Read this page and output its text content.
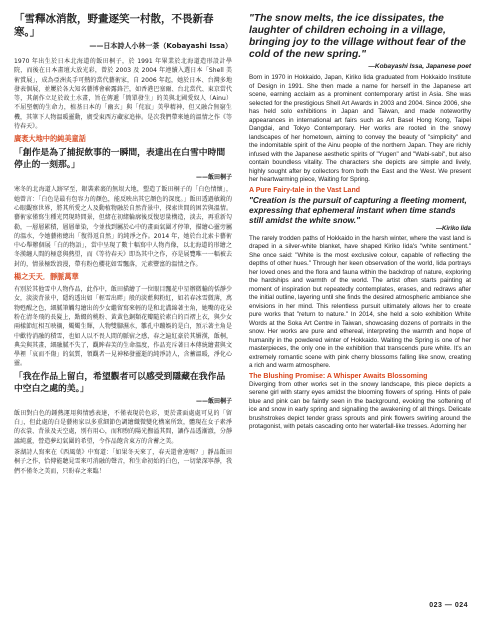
「雪釋冰消散，野畫逐笑一村散，不畏新春寒。」

——日本詩人小林一茶（Kobayashi Issa）

1970 年出生於日本北海道的飯田桐子，於 1991 年畢業於北海道造形設計學院，而後在日本畫壇大放光彩，曾於 2003 及 2004 年連續入選日本「Shell 美術賞展」，成為亞洲炙手可熱的當代藝術家，自 2006 年起，她於日本、台灣多地發表個展，並屢於各大知名藝博會嶄露鋒芒，如香港巴塞爾、台北當代、東京當代等，其創作立足於故土水畫，旨在傳遞「簡單發生」的美與北國愛奴人（Ainu）不屈堅韌的生命力，植基日本的「幽玄」與「侘寂」美學精神，但又融合無窮生機，其筆下人物溫暖靈動，廣受東西方藏家追捧。是次我們帶來她的溫情之作《等待春天》。

廣袤大地中的純美童話

「創作是為了捕捉飲事的一瞬間，表達出在白雪中時間停止的一刻那。」

——飯田桐子

寒冬的北海道人跡罕至，銀裝素裹的無垠大地，塑造了飯田桐子的「白色情懷」，她曾言：「白色是最有包容力的顏色，能反映出其它顏色的深度。」飯田透過敏銳的心眼觀察世界，將其所愛之人及動植物融於自然背景中，探索世間的困苦與溫情。藝術家僅寫生種光閃現時間景，但緒在初緒輪廓後反復思量構造，淡去，再重新勾勒，一層層累積，層層暈染，令並找到屬於心中的畫面氣圍才停筆，描繪心靈旁屬的溫水，令她藝術總出「復得返自然」的純淨之作。2014 年，她於台北索卡藝術中心舉辦個展「白的物語」，當中呈現了數十幅寫中人物肖像，以北海道的形繪之冬漢纏人間的極意與熱望，而《等待春天》即為其中之作，亦是展覽唯一一幅被去封的，情景極致浪漫，帶有粉色櫻花如雪飄落，元素豐富的溫情之作。

楊之天天．靜脈萬華

有別於其他雪中人物作品，此作中，飯田描繪了一位眼目飄花中星辦微輸的恬靜少女，淡淡背景中，隱約透出如「輕雪出畔」般的淡藍與粉紅，如若春冰雪微薄，萬物甦醒之色，細膩筆觸勾繪出的少女繼留寫來輕的是和北溝綿著主角，她嘴的花朵粉在清冬飛的長髮上，點綴的桃粉、黃黃色銅類花瓣隨於素白的百褶上衣，與少女兩樣節紅相互映襯，燭燭生輝，人物雙腳濕水，雛孔中蹦娛的是白，預示著主角是中歡待消融的積雪，也如人以不畏人間的脈宿之感，春之遍紅豪於其媚漢，飯桐，典尖與其畫，細融膩不失了，觀眸春芙的生命溫度，作品充斥著日本傳統繪畫與文學裡「哀而不傷」的氣質，領觀者一見神秘發靈逝的純淨詩人，含蓄溫暖，淨化心靈。

「我在作品上留白，希望觀者可以感受到隱藏在我作品中空白之處的美。」

——飯田桐子

飯田對白色的鍾熱運用與情感表達，不僅表現於色彩，更於畫面處處可見的「留白」，但此處的白是藝術家以多重細節色調繪織微變化構案所致，體現在女子素淨的衣裳、背景及天空處，別有用心，而和煦的陽光撫溢其間，讓作品透漸澈，分靜謐純蘆，營造夢幻氣圍的希望，令作品飽含東方的含蓄之美。

茶湖詩人寫來在《西風葉》中寫道：「如果冬天來了，春天還會遠嗎？」靜品飯田桐子之作，恰傳能聽見雪來可消融的聲音，和生命初始的白色，一切蒙深寧靜，我們不僅冬之美而，只盼春之來臨！

"The snow melts, the ice dissipates, the laughter of children echoing in a village, bringing joy to the village without fear of the cold of the new spring."

—Kobayashi Issa, Japanese poet

Born in 1970 in Hokkaido, Japan, Kiriko Iida graduated from Hokkaido Institute of Design in 1991. She then made a name for herself in the Japanese art scene, earning acclaim as a prominent contemporary artist in Asia. She was selected for the prestigious Shell Art Awards in 2003 and 2004. Since 2006, she has held solo exhibitions in Japan and Taiwan, and made noteworthy appearances in international art fairs such as Art Basel Hong Kong, Taipei Dangdai, and Tokyo Contemporary. Her works are rooted in the snowy landscapes of her hometown, aiming to convey the beauty of "simplicity" and the indomitable spirit of the Ainu people of the northern Japan. They are richly infused with the Japanese aesthetic spirits of "Yugen" and "Wabi-sabi", but also contain boundless vitality. The characters she depicts are simple and lively, highly sought after by collectors from both the East and the West. We present her heartwarming piece, Waiting for Spring.

A Pure Fairy-tale in the Vast Land

"Creation is the pursuit of capturing a fleeting moment, expressing that ephemeral instant when time stands still amidst the white snow."

—Kiriko Iida

The rarely trodden paths of Hokkaido in the harsh winter, where the vast land is draped in a silver-white blanket, have shaped Kiriko Iida's "white sentiment." She once said: "White is the most exclusive colour, capable of reflecting the depths of other hues." Through her keen observation of the world, Iida portrays her loved ones and the flora and fauna within the backdrop of nature, exploring the hardships and warmth of the world. The artist often starts painting at moment of inspiration but repeatedly contemplates, erases, and redraws after the initial outline, layering until she finds the desired atmospheric ambiance she envisions in her mind. This relentless pursuit ultimately allows her to create pure works that "return to nature." In 2014, she held a solo exhibition White Words at the Soka Art Centre in Taiwan, showcasing dozens of portraits in the snow. Her works are pure and ethereal, interpreting the warmth and hope of humanity in the powdered winter of Hokkaido. Waiting the Spring is one of her masterpieces, the only one in the exhibition that transcends pure white. It's an extremely romantic scene with pink cherry blossoms falling like snow, creating a rich and warm atmosphere.

The Blushing Promise: A Whisper Awaits Blossoming

Diverging from other works set in the snowy landscape, this piece depicts a serene girl with starry eyes amidst the blooming flowers of spring. Hints of pale blue and pink can be faintly seen in the background, evoking the softening of ice and snow in early spring and signalling the awakening of all things. Delicate brushstrokes depict tender grass sprouts and pink flowers swirling around the protagonist, with petals cascading onto her waterfall-like tresses. Adorning her

023 — 024
